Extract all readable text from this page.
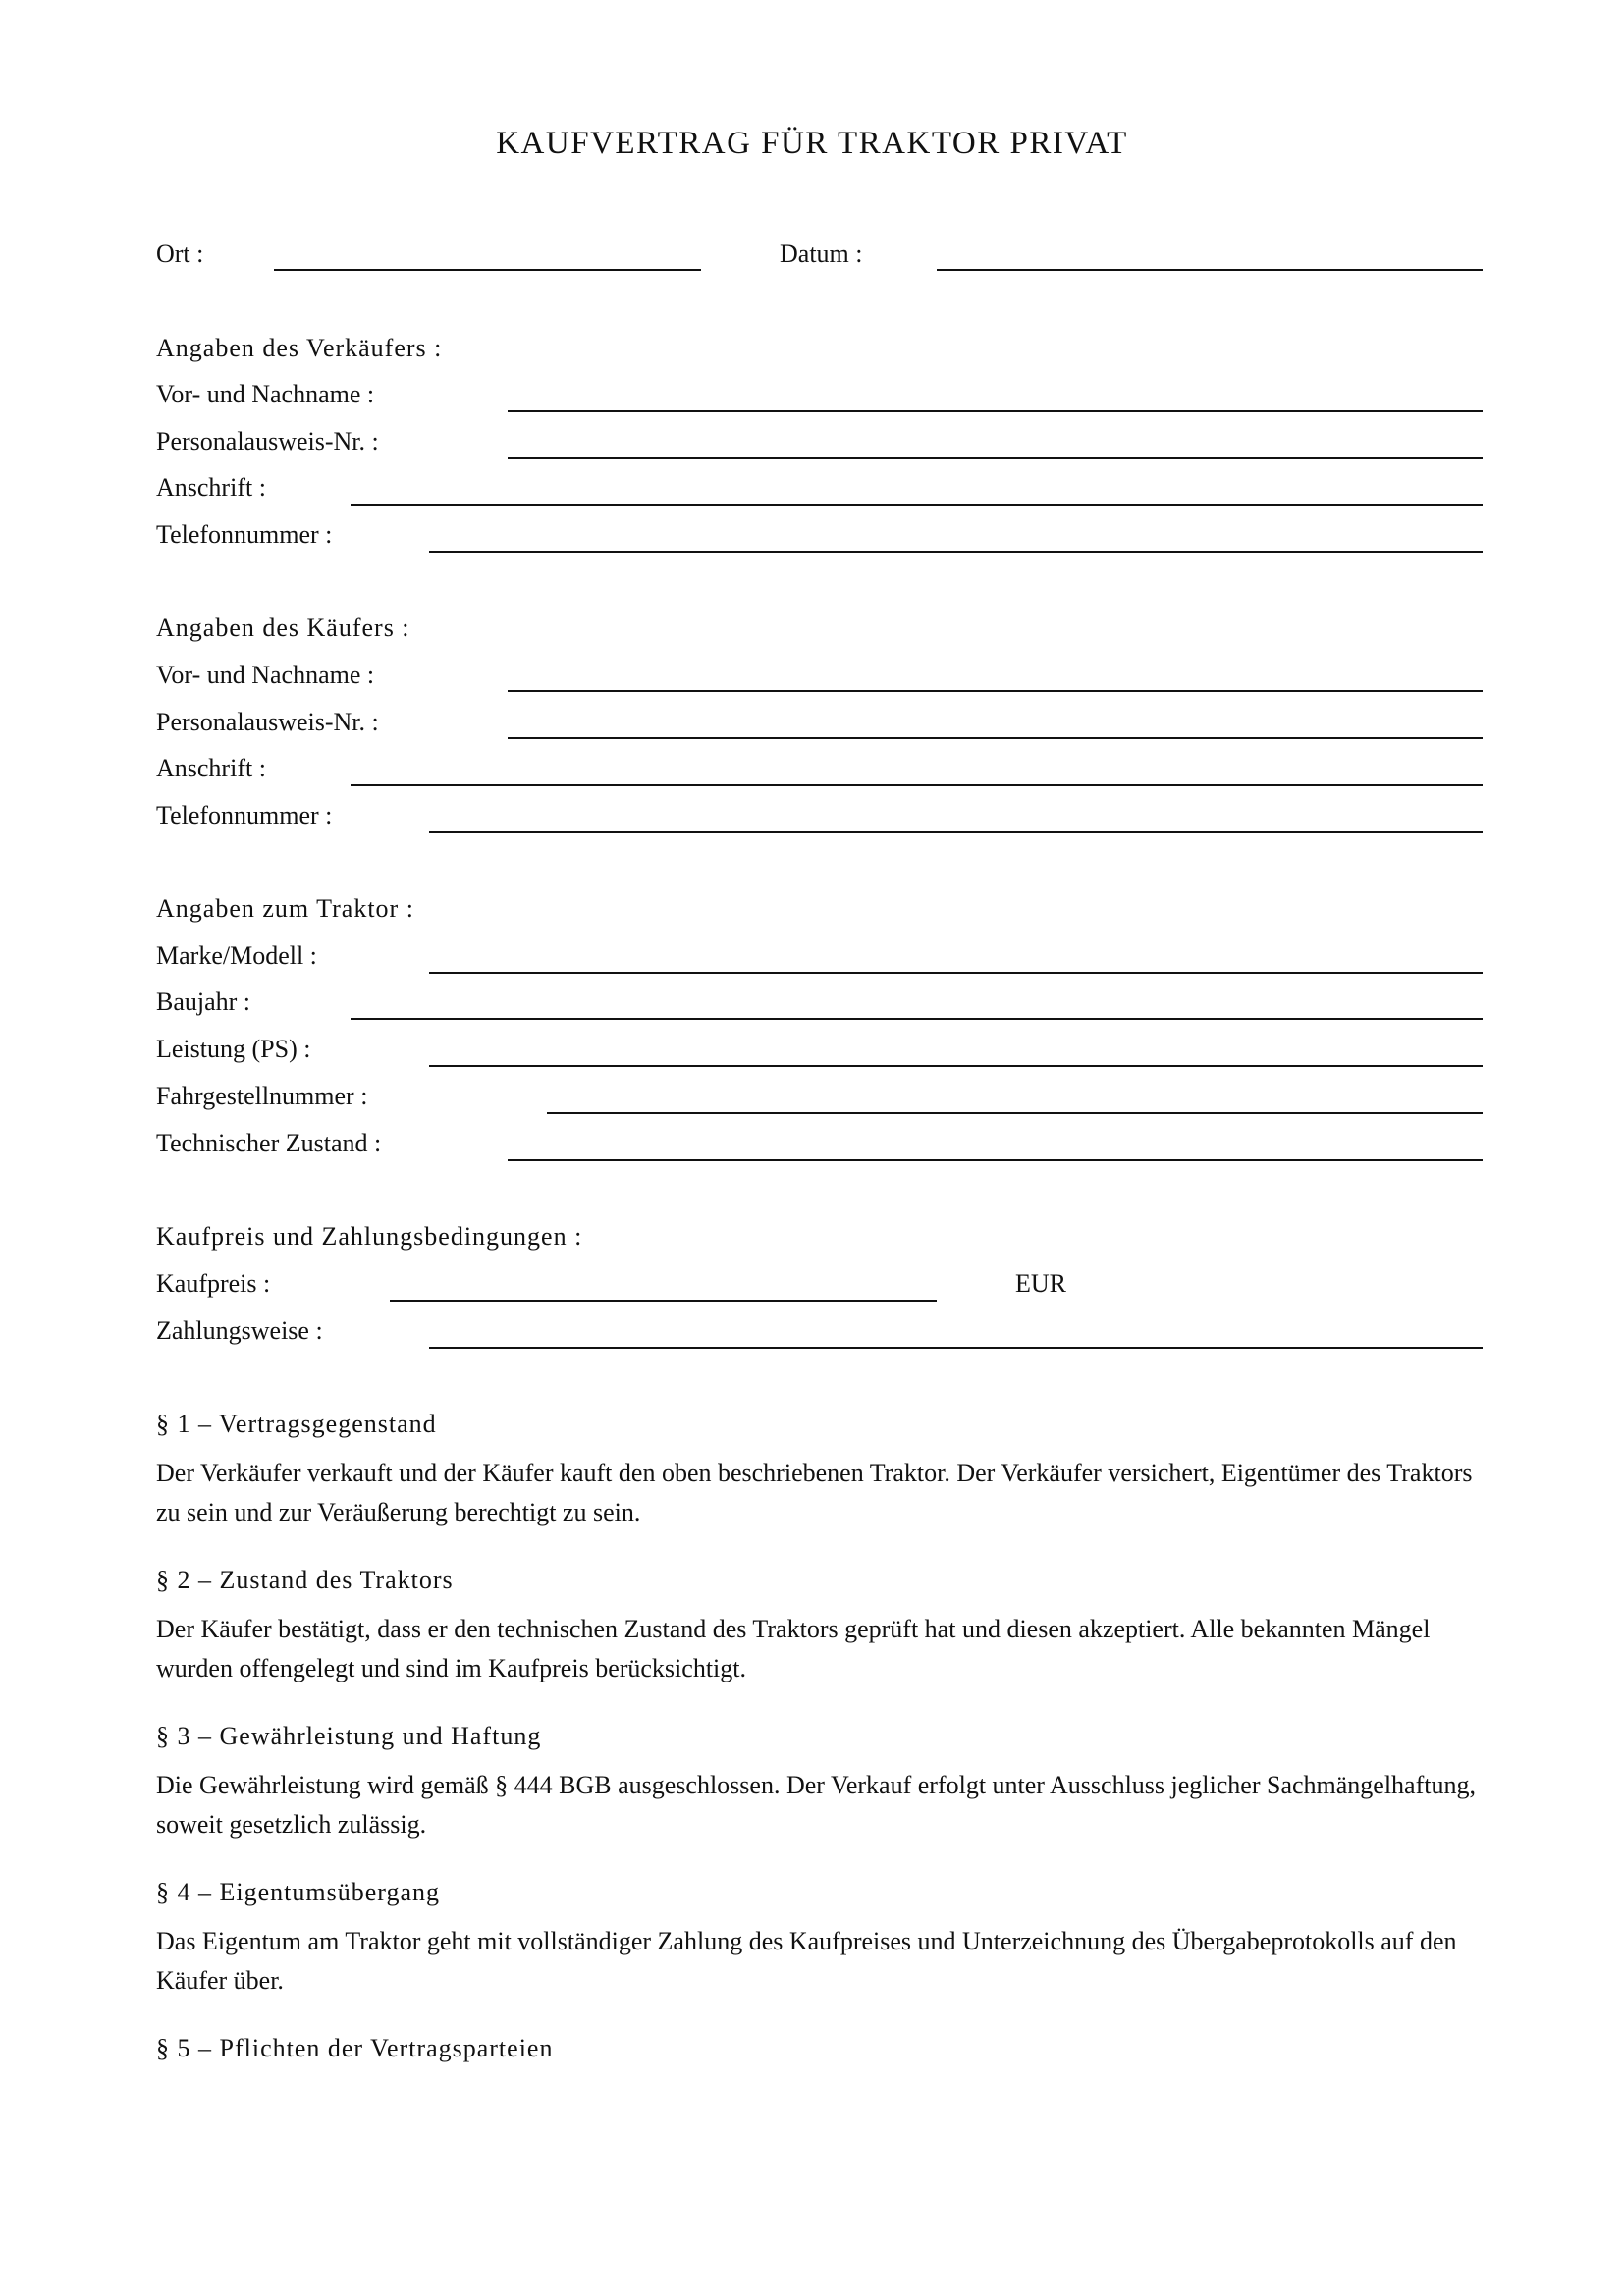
KAUFVERTRAG FÜR TRAKTOR PRIVAT
Ort :	Datum :
Angaben des Verkäufers :
Vor- und Nachname :
Personalausweis-Nr. :
Anschrift :
Telefonnummer :
Angaben des Käufers :
Vor- und Nachname :
Personalausweis-Nr. :
Anschrift :
Telefonnummer :
Angaben zum Traktor :
Marke/Modell :
Baujahr :
Leistung (PS) :
Fahrgestellnummer :
Technischer Zustand :
Kaufpreis und Zahlungsbedingungen :
Kaufpreis :	EUR
Zahlungsweise :
§ 1 – Vertragsgegenstand

Der Verkäufer verkauft und der Käufer kauft den oben beschriebenen Traktor. Der Verkäufer versichert, Eigentümer des Traktors zu sein und zur Veräußerung berechtigt zu sein.

§ 2 – Zustand des Traktors

Der Käufer bestätigt, dass er den technischen Zustand des Traktors geprüft hat und diesen akzeptiert. Alle bekannten Mängel wurden offengelegt und sind im Kaufpreis berücksichtigt.

§ 3 – Gewährleistung und Haftung

Die Gewährleistung wird gemäß § 444 BGB ausgeschlossen. Der Verkauf erfolgt unter Ausschluss jeglicher Sachmängelhaftung, soweit gesetzlich zulässig.

§ 4 – Eigentumsübergang

Das Eigentum am Traktor geht mit vollständiger Zahlung des Kaufpreises und Unterzeichnung des Übergabeprotokolls auf den Käufer über.

§ 5 – Pflichten der Vertragsparteien
